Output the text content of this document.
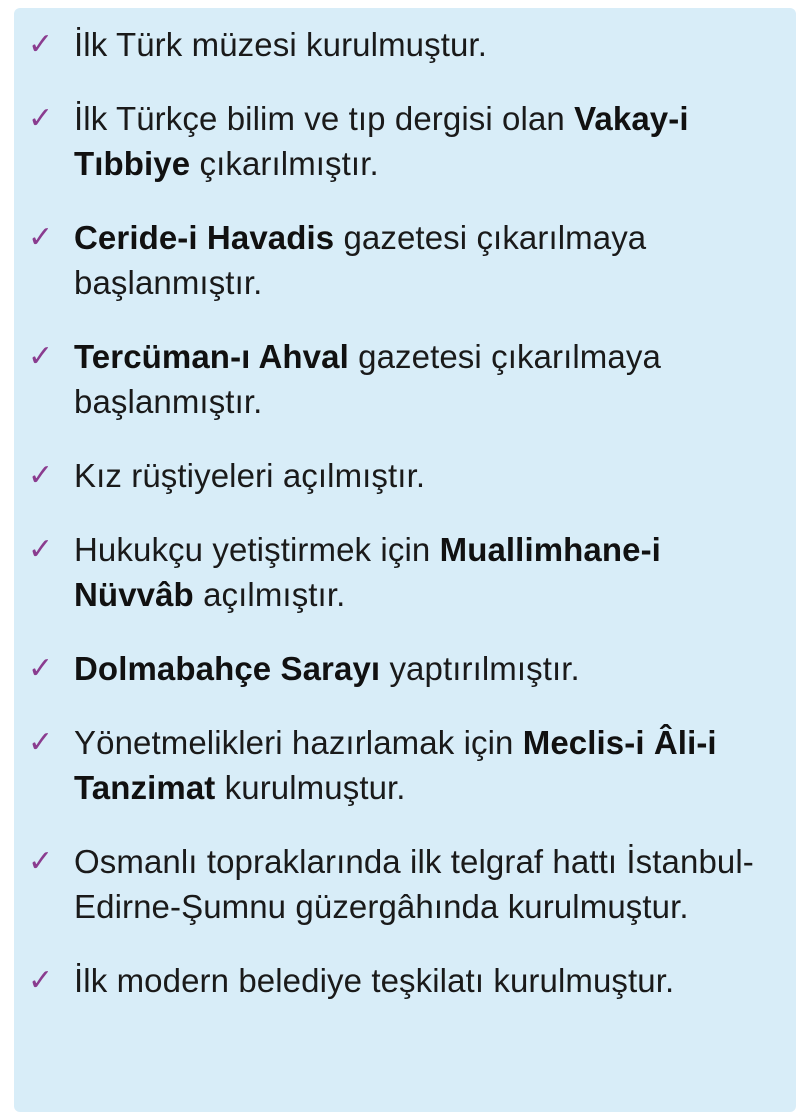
✓ İlk Türk müzesi kurulmuştur.
✓ İlk Türkçe bilim ve tıp dergisi olan Vakay-i Tıbbiye çıkarılmıştır.
✓ Ceride-i Havadis gazetesi çıkarılmaya başlanmıştır.
✓ Tercüman-ı Ahval gazetesi çıkarılmaya başlanmıştır.
✓ Kız rüştiyeleri açılmıştır.
✓ Hukukçu yetiştirmek için Muallimhane-i Nüvvâb açılmıştır.
✓ Dolmabahçe Sarayı yaptırılmıştır.
✓ Yönetmelikleri hazırlamak için Meclis-i Âli-i Tanzimat kurulmuştur.
✓ Osmanlı topraklarında ilk telgraf hattı İstanbul-Edirne-Şumnu güzergâhında kurulmuştur.
✓ İlk modern belediye teşkilatı kurulmuştur.
